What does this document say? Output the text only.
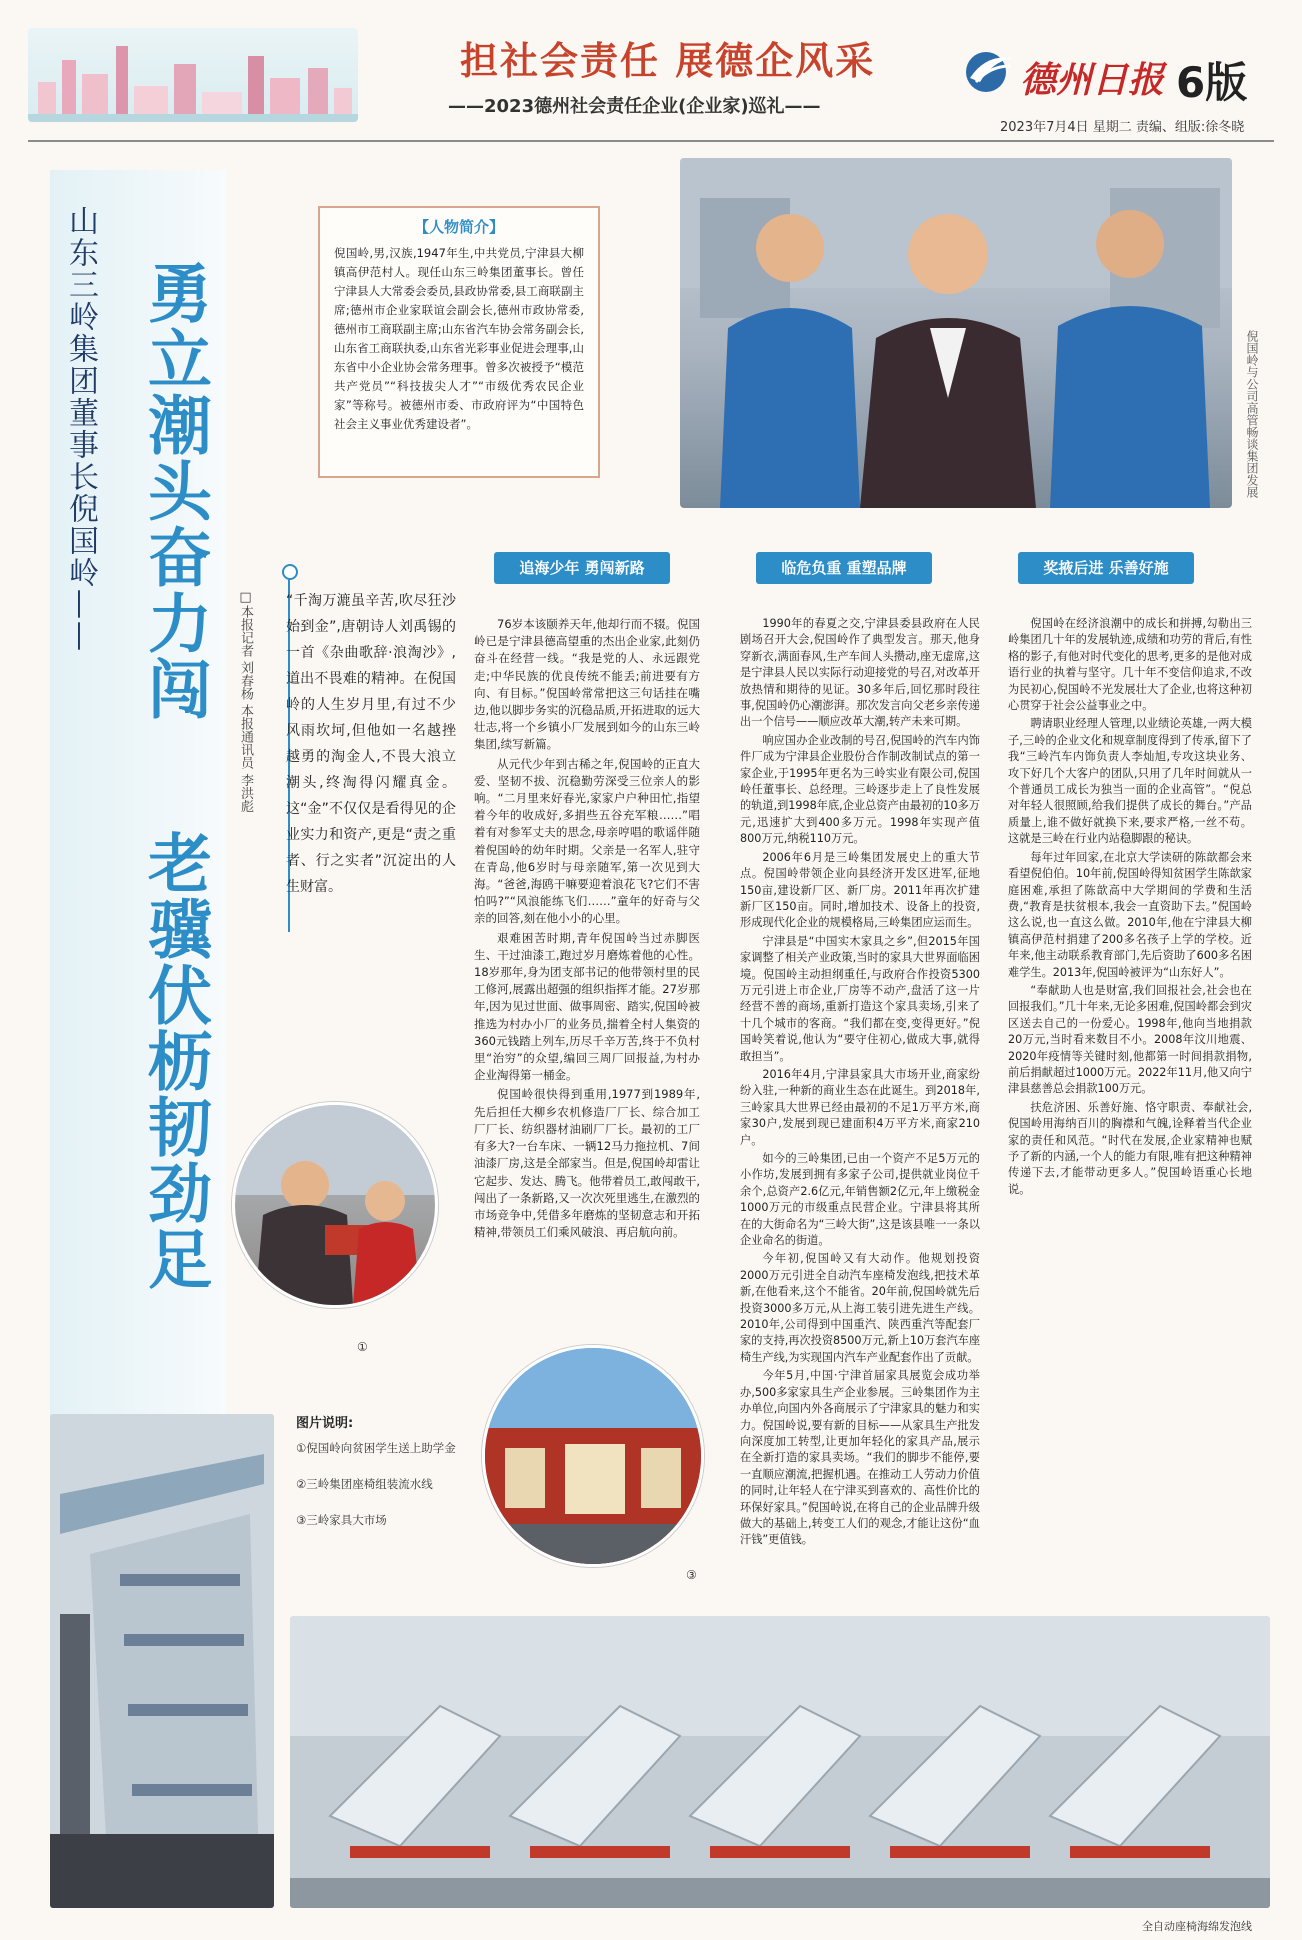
担社会责任 展德企风采
——2023德州社会责任企业(企业家)巡礼——
德州日报 6版
2023年7月4日 星期二 责编、组版:徐冬晓
山东三岭集团董事长倪国岭—— 勇立潮头奋力闯
老骥伏枥韧劲足
□本报记者 刘春杨 本报通讯员 李洪彪
【人物简介】
倪国岭,男,汉族,1947年生,中共党员,宁津县大柳镇高伊范村人。现任山东三岭集团董事长。曾任宁津县人大常委会委员,县政协常委,县工商联副主席;德州市企业家联谊会副会长,德州市政协常委,德州市工商联副主席;山东省汽车协会常务副会长,山东省工商联执委,山东省光彩事业促进会理事,山东省中小企业协会常务理事。曾多次被授予“模范共产党员”“科技拔尖人才”“市级优秀农民企业家”等称号。被德州市委、市政府评为“中国特色社会主义事业优秀建设者”。	倪国岭与公司高管畅谈集团发展
“千淘万漉虽辛苦,吹尽狂沙始到金”,唐朝诗人刘禹锡的一首《杂曲歌辞·浪淘沙》,道出不畏难的精神。在倪国岭的人生岁月里,有过不少风雨坎坷,但他如一名越挫越勇的淘金人,不畏大浪立潮头,终淘得闪耀真金。这“金”不仅仅是看得见的企业实力和资产,更是“责之重者、行之实者”沉淀出的人生财富。
追海少年 勇闯新路

76岁本该颐养天年,他却行而不辍。倪国岭已是宁津县德高望重的杰出企业家,此刻仍奋斗在经营一线。“我是党的人、永远跟党走;中华民族的优良传统不能丢;前进要有方向、有目标。”倪国岭常常把这三句话挂在嘴边,他以脚步务实的沉稳品质,开拓进取的远大壮志,将一个乡镇小厂发展到如今的山东三岭集团,续写新篇。

从元代少年到古稀之年,倪国岭的正直大爱、坚韧不拔、沉稳勤劳深受三位亲人的影响。“二月里来好春光,家家户户种田忙,指望着今年的收成好,多捐些五谷充军粮……”唱着有对参军丈夫的思念,母亲哼唱的歌谣伴随着倪国岭的幼年时期。父亲是一名军人,驻守在青岛,他6岁时与母亲随军,第一次见到大海。“爸爸,海鸥干嘛要迎着浪花飞?它们不害怕吗?”“风浪能练飞们……”童年的好奇与父亲的回答,刻在他小小的心里。

艰难困苦时期,青年倪国岭当过赤脚医生、干过油漆工,跑过岁月磨炼着他的心性。18岁那年,身为团支部书记的他带领村里的民工修河,展露出超强的组织指挥才能。27岁那年,因为见过世面、做事周密、踏实,倪国岭被推选为村办小厂的业务员,揣着全村人集资的360元钱踏上列车,历尽千辛万苦,终于不负村里“治穷”的众望,编回三周厂回报益,为村办企业淘得第一桶金。

倪国岭很快得到重用,1977到1989年,先后担任大柳乡农机修造厂厂长、综合加工厂厂长、纺织器材油刷厂厂长。最初的工厂有多大?一台车床、一辆12马力拖拉机、7间油漆厂房,这是全部家当。但是,倪国岭却雷让它起步、发达、腾飞。他带着员工,敢闯敢干,闯出了一条新路,又一次次死里逃生,在激烈的市场竞争中,凭借多年磨炼的坚韧意志和开拓精神,带领员工们乘风破浪、再启航向前。

临危负重 重塑品牌

1990年的春夏之交,宁津县委县政府在人民剧场召开大会,倪国岭作了典型发言。那天,他身穿新衣,满面春风,生产车间人头攒动,座无虚席,这是宁津县人民以实际行动迎接党的号召,对改革开放热情和期待的见证。30多年后,回忆那时段往事,倪国岭仍心潮澎湃。那次发言向父老乡亲传递出一个信号——顺应改革大潮,转产未来可期。

响应国办企业改制的号召,倪国岭的汽车内饰件厂成为宁津县企业股份合作制改制试点的第一家企业,于1995年更名为三岭实业有限公司,倪国岭任董事长、总经理。三岭逐步走上了良性发展的轨道,到1998年底,企业总资产由最初的10多万元,迅速扩大到400多万元。1998年实现产值800万元,纳税110万元。

2006年6月是三岭集团发展史上的重大节点。倪国岭带领企业向县经济开发区进军,征地150亩,建设新厂区、新厂房。2011年再次扩建新厂区150亩。同时,增加技术、设备上的投资,形成现代化企业的规模格局,三岭集团应运而生。

宁津县是“中国实木家具之乡”,但2015年国家调整了相关产业政策,当时的家具大世界面临困境。倪国岭主动担纲重任,与政府合作投资5300万元引进上市企业,厂房等不动产,盘活了这一片经营不善的商场,重新打造这个家具卖场,引来了十几个城市的客商。“我们都在变,变得更好。”倪国岭笑着说,他认为“要守住初心,做成大事,就得敢担当”。

2016年4月,宁津县家具大市场开业,商家纷纷入驻,一种新的商业生态在此诞生。到2018年,三岭家具大世界已经由最初的不足1万平方米,商家30户,发展到现已建面积4万平方米,商家210户。

如今的三岭集团,已由一个资产不足5万元的小作坊,发展到拥有多家子公司,提供就业岗位千余个,总资产2.6亿元,年销售额2亿元,年上缴税金1000万元的市级重点民营企业。宁津县将其所在的大街命名为“三岭大街”,这是该县唯一一条以企业命名的街道。

今年初,倪国岭又有大动作。他规划投资2000万元引进全自动汽车座椅发泡线,把技术革新,在他看来,这个不能省。20年前,倪国岭就先后投资3000多万元,从上海工装引进先进生产线。2010年,公司得到中国重汽、陕西重汽等配套厂家的支持,再次投资8500万元,新上10万套汽车座椅生产线,为实现国内汽车产业配套作出了贡献。

今年5月,中国·宁津首届家具展览会成功举办,500多家家具生产企业参展。三岭集团作为主办单位,向国内外各商展示了宁津家具的魅力和实力。倪国岭说,要有新的目标——从家具生产批发向深度加工转型,让更加年轻化的家具产品,展示在全新打造的家具卖场。“我们的脚步不能停,要一直顺应潮流,把握机遇。在推动工人劳动力价值的同时,让年轻人在宁津买到喜欢的、高性价比的环保好家具。”倪国岭说,在将自己的企业品牌升级做大的基础上,转变工人们的观念,才能让这份“血汗钱”更值钱。

奖掖后进 乐善好施

倪国岭在经济浪潮中的成长和拼搏,勾勒出三岭集团几十年的发展轨迹,成绩和功劳的背后,有性格的影子,有他对时代变化的思考,更多的是他对成语行业的执着与坚守。几十年不变信仰追求,不改为民初心,倪国岭不光发展壮大了企业,也将这种初心贯穿于社会公益事业之中。

聘请职业经理人管理,以业绩论英雄,一两大模子,三岭的企业文化和规章制度得到了传承,留下了我“三岭汽车内饰负责人李灿旭,专攻这块业务、攻下好几个大客户的团队,只用了几年时间就从一个普通员工成长为独当一面的企业高管”。“倪总对年轻人很照顾,给我们提供了成长的舞台。”产品质量上,谁不做好就换下来,要求严格,一丝不苟。这就是三岭在行业内站稳脚跟的秘诀。

每年过年回家,在北京大学读研的陈歆都会来看望倪伯伯。10年前,倪国岭得知贫困学生陈歆家庭困难,承担了陈歆高中大学期间的学费和生活费,“教育是扶贫根本,我会一直资助下去。”倪国岭这么说,也一直这么做。2010年,他在宁津县大柳镇高伊范村捐建了200多名孩子上学的学校。近年来,他主动联系教育部门,先后资助了600多名困难学生。2013年,倪国岭被评为“山东好人”。

“奉献助人也是财富,我们回报社会,社会也在回报我们。”几十年来,无论多困难,倪国岭都会到灾区送去自己的一份爱心。1998年,他向当地捐款20万元,当时看来数目不小。2008年汶川地震、2020年疫情等关键时刻,他都第一时间捐款捐物,前后捐献超过1000万元。2022年11月,他又向宁津县慈善总会捐款100万元。

扶危济困、乐善好施、恪守职责、奉献社会,倪国岭用海纳百川的胸襟和气魄,诠释着当代企业家的责任和风范。“时代在发展,企业家精神也赋予了新的内涵,一个人的能力有限,唯有把这种精神传递下去,才能带动更多人。”倪国岭语重心长地说。

①
③
图片说明:
①倪国岭向贫困学生送上助学金
②三岭集团座椅组装流水线
③三岭家具大市场
全自动座椅海绵发泡线
